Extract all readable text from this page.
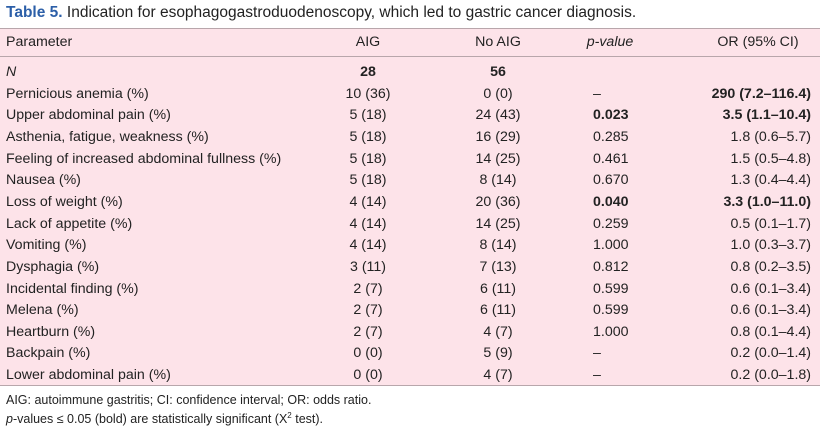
Table 5. Indication for esophagogastroduodenoscopy, which led to gastric cancer diagnosis.
Parameter	AIG	No AIG	p-value	OR (95% CI)
N	28	56
Pernicious anemia (%)	10 (36)	0 (0)	–	290 (7.2–116.4)
Upper abdominal pain (%)	5 (18)	24 (43)	0.023	3.5 (1.1–10.4)
Asthenia, fatigue, weakness (%)	5 (18)	16 (29)	0.285	1.8 (0.6–5.7)
Feeling of increased abdominal fullness (%)	5 (18)	14 (25)	0.461	1.5 (0.5–4.8)
Nausea (%)	5 (18)	8 (14)	0.670	1.3 (0.4–4.4)
Loss of weight (%)	4 (14)	20 (36)	0.040	3.3 (1.0–11.0)
Lack of appetite (%)	4 (14)	14 (25)	0.259	0.5 (0.1–1.7)
Vomiting (%)	4 (14)	8 (14)	1.000	1.0 (0.3–3.7)
Dysphagia (%)	3 (11)	7 (13)	0.812	0.8 (0.2–3.5)
Incidental finding (%)	2 (7)	6 (11)	0.599	0.6 (0.1–3.4)
Melena (%)	2 (7)	6 (11)	0.599	0.6 (0.1–3.4)
Heartburn (%)	2 (7)	4 (7)	1.000	0.8 (0.1–4.4)
Backpain (%)	0 (0)	5 (9)	–	0.2 (0.0–1.4)
Lower abdominal pain (%)	0 (0)	4 (7)	–	0.2 (0.0–1.8)
AIG: autoimmune gastritis; CI: confidence interval; OR: odds ratio.
p-values ≤ 0.05 (bold) are statistically significant ($X^2$ test).
